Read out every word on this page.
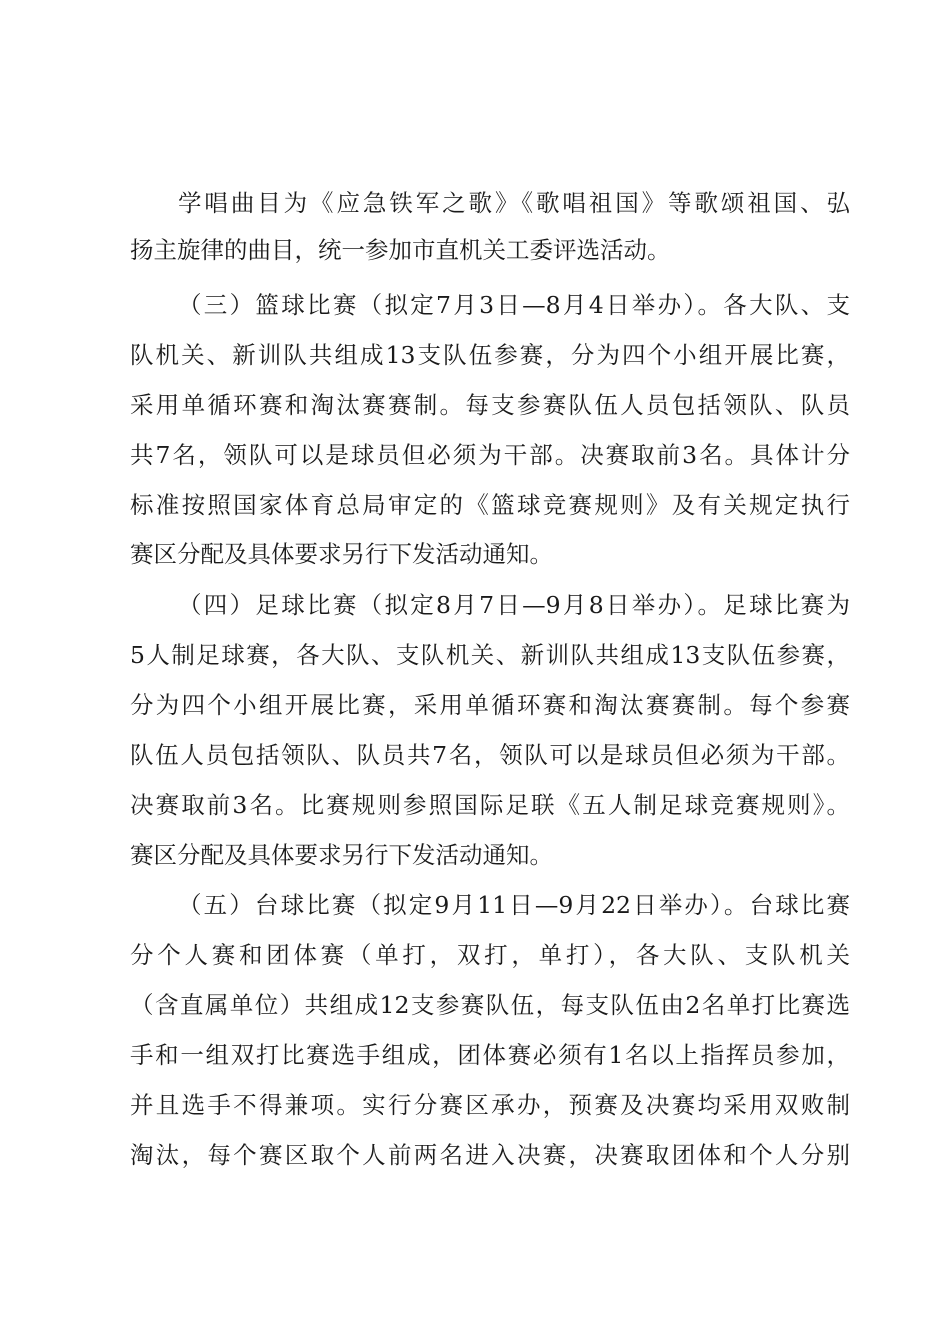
学唱曲目为《应急铁军之歌》《歌唱祖国》等歌颂祖国、弘
扬主旋律的曲目，统一参加市直机关工委评选活动。
（三）篮球比赛（拟定7月3日—8月4日举办）。各大队、支
队机关、新训队共组成13支队伍参赛，分为四个小组开展比赛，
采用单循环赛和淘汰赛赛制。每支参赛队伍人员包括领队、队员
共7名，领队可以是球员但必须为干部。决赛取前3名。具体计分
标准按照国家体育总局审定的《篮球竞赛规则》及有关规定执行
赛区分配及具体要求另行下发活动通知。
（四）足球比赛（拟定8月7日—9月8日举办）。足球比赛为
5人制足球赛，各大队、支队机关、新训队共组成13支队伍参赛，
分为四个小组开展比赛，采用单循环赛和淘汰赛赛制。每个参赛
队伍人员包括领队、队员共7名，领队可以是球员但必须为干部。
决赛取前3名。比赛规则参照国际足联《五人制足球竞赛规则》。
赛区分配及具体要求另行下发活动通知。
（五）台球比赛（拟定9月11日—9月22日举办）。台球比赛
分个人赛和团体赛（单打，双打，单打），各大队、支队机关
（含直属单位）共组成12支参赛队伍，每支队伍由2名单打比赛选
手和一组双打比赛选手组成，团体赛必须有1名以上指挥员参加，
并且选手不得兼项。实行分赛区承办，预赛及决赛均采用双败制
淘汰，每个赛区取个人前两名进入决赛，决赛取团体和个人分别
